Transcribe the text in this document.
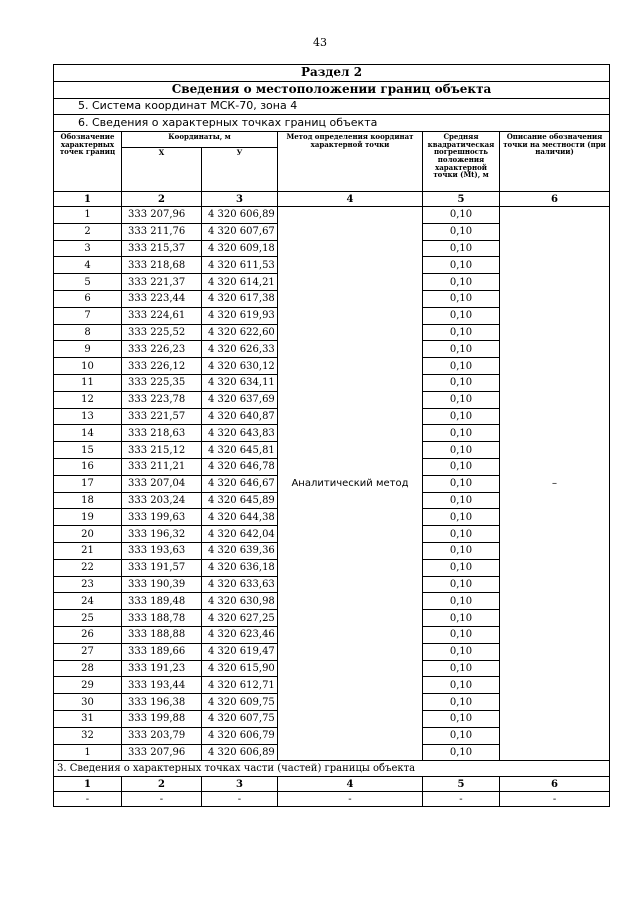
43
Раздел 2					
Сведения о местоположении границ объекта					
5. Система координат МСК-70, зона 4					
6. Сведения о характерных точках границ объекта					
Обозначение характерных точек границ	Координаты, м		Метод определения координат характерной точки	Средняя квадратическая погрешность положения характерной точки (Mt), м	Описание обозначения точки на местности (при наличии)
	X	У			
1	2	3	4	5	6
1	333 207,96	4 320 606,89	Аналитический метод	0,10	–
2	333 211,76	4 320 607,67		0,10	
3	333 215,37	4 320 609,18		0,10	
4	333 218,68	4 320 611,53		0,10	
5	333 221,37	4 320 614,21		0,10	
6	333 223,44	4 320 617,38		0,10	
7	333 224,61	4 320 619,93		0,10	
8	333 225,52	4 320 622,60		0,10	
9	333 226,23	4 320 626,33		0,10	
10	333 226,12	4 320 630,12		0,10	
11	333 225,35	4 320 634,11		0,10	
12	333 223,78	4 320 637,69		0,10	
13	333 221,57	4 320 640,87		0,10	
14	333 218,63	4 320 643,83		0,10	
15	333 215,12	4 320 645,81		0,10	
16	333 211,21	4 320 646,78		0,10	
17	333 207,04	4 320 646,67		0,10	
18	333 203,24	4 320 645,89		0,10	
19	333 199,63	4 320 644,38		0,10	
20	333 196,32	4 320 642,04		0,10	
21	333 193,63	4 320 639,36		0,10	
22	333 191,57	4 320 636,18		0,10	
23	333 190,39	4 320 633,63		0,10	
24	333 189,48	4 320 630,98		0,10	
25	333 188,78	4 320 627,25		0,10	
26	333 188,88	4 320 623,46		0,10	
27	333 189,66	4 320 619,47		0,10	
28	333 191,23	4 320 615,90		0,10	
29	333 193,44	4 320 612,71		0,10	
30	333 196,38	4 320 609,75		0,10	
31	333 199,88	4 320 607,75		0,10	
32	333 203,79	4 320 606,79		0,10	
1	333 207,96	4 320 606,89		0,10	
3. Сведения о характерных точках части (частей) границы объекта					
1	2	3	4	5	6
-	-	-	-	-	-
